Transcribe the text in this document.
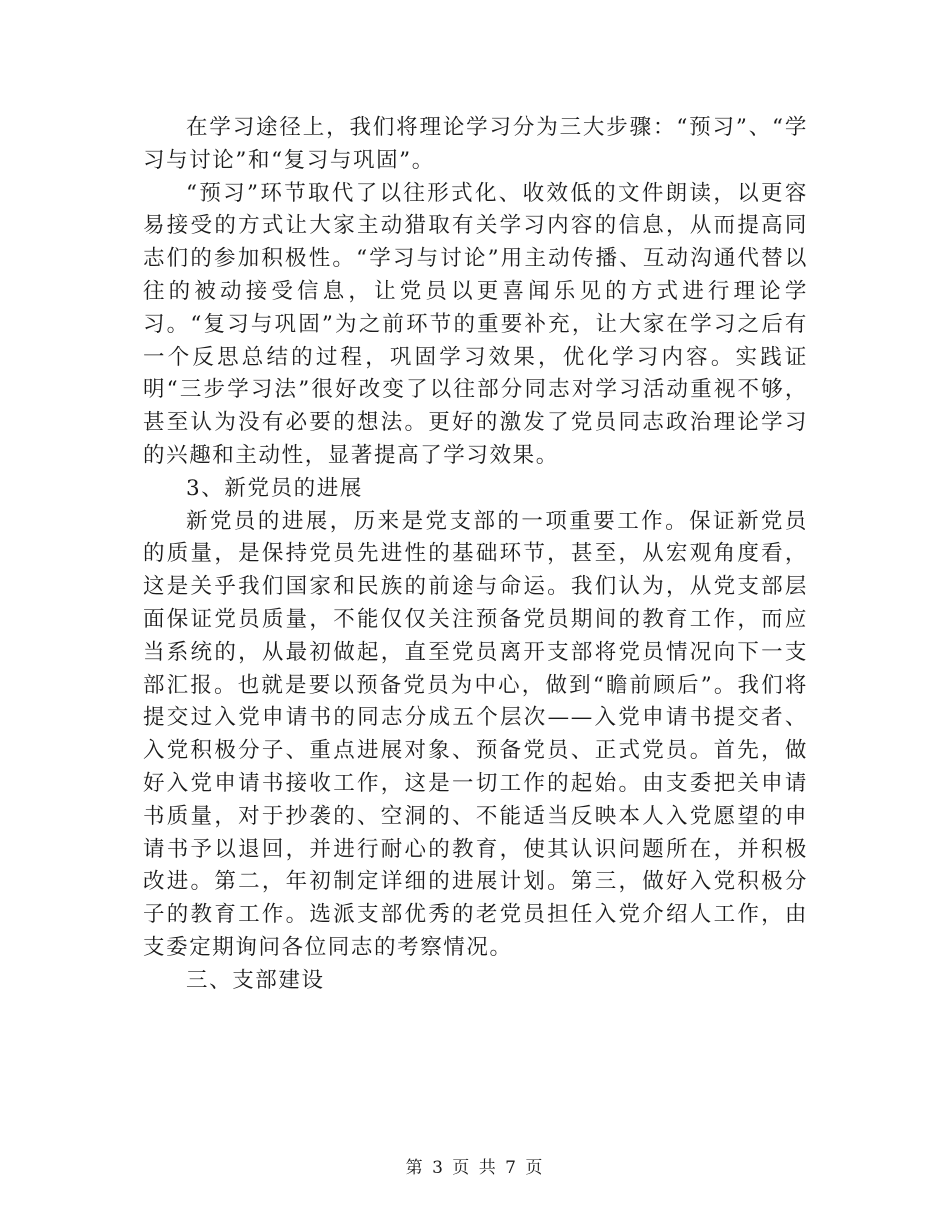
在学习途径上，我们将理论学习分为三大步骤：“预习”、“学习与讨论”和“复习与巩固”。

“预习”环节取代了以往形式化、收效低的文件朗读，以更容易接受的方式让大家主动猎取有关学习内容的信息，从而提高同志们的参加积极性。“学习与讨论”用主动传播、互动沟通代替以往的被动接受信息，让党员以更喜闻乐见的方式进行理论学习。“复习与巩固”为之前环节的重要补充，让大家在学习之后有一个反思总结的过程，巩固学习效果，优化学习内容。实践证明“三步学习法”很好改变了以往部分同志对学习活动重视不够，甚至认为没有必要的想法。更好的激发了党员同志政治理论学习的兴趣和主动性，显著提高了学习效果。

3、新党员的进展

新党员的进展，历来是党支部的一项重要工作。保证新党员的质量，是保持党员先进性的基础环节，甚至，从宏观角度看，这是关乎我们国家和民族的前途与命运。我们认为，从党支部层面保证党员质量，不能仅仅关注预备党员期间的教育工作，而应当系统的，从最初做起，直至党员离开支部将党员情况向下一支部汇报。也就是要以预备党员为中心，做到“瞻前顾后”。我们将提交过入党申请书的同志分成五个层次——入党申请书提交者、入党积极分子、重点进展对象、预备党员、正式党员。首先，做好入党申请书接收工作，这是一切工作的起始。由支委把关申请书质量，对于抄袭的、空洞的、不能适当反映本人入党愿望的申请书予以退回，并进行耐心的教育，使其认识问题所在，并积极改进。第二，年初制定详细的进展计划。第三，做好入党积极分子的教育工作。选派支部优秀的老党员担任入党介绍人工作，由支委定期询问各位同志的考察情况。

三、支部建设

第 3 页 共 7 页
